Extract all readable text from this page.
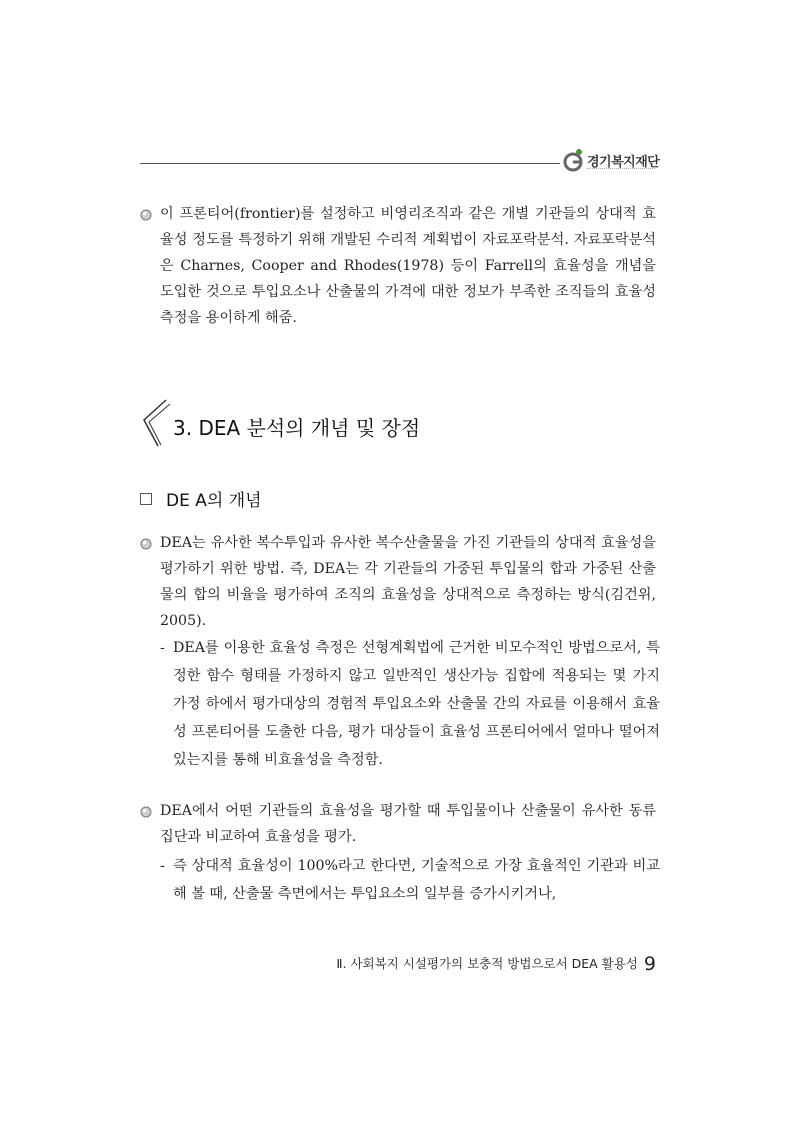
경기복지재단
이 프론티어(frontier)를 설정하고 비영리조직과 같은 개별 기관들의 상대적 효율성 정도를 특정하기 위해 개발된 수리적 계획법이 자료포락분석. 자료포락분석은 Charnes, Cooper and Rhodes(1978) 등이 Farrell의 효율성을 개념을 도입한 것으로 투입요소나 산출물의 가격에 대한 정보가 부족한 조직들의 효율성 측정을 용이하게 해줌.
3. DEA 분석의 개념 및 장점
DE A의 개념
DEA는 유사한 복수투입과 유사한 복수산출물을 가진 기관들의 상대적 효율성을 평가하기 위한 방법. 즉, DEA는 각 기관들의 가중된 투입물의 합과 가중된 산출물의 합의 비율을 평가하여 조직의 효율성을 상대적으로 측정하는 방식(김건위, 2005).
- DEA를 이용한 효율성 측정은 선형계획법에 근거한 비모수적인 방법으로서, 특정한 함수 형태를 가정하지 않고 일반적인 생산가능 집합에 적용되는 몇 가지 가정 하에서 평가대상의 경험적 투입요소와 산출물 간의 자료를 이용해서 효율성 프론티어를 도출한 다음, 평가 대상들이 효율성 프론티어에서 얼마나 떨어져 있는지를 통해 비효율성을 측정함.
DEA에서 어떤 기관들의 효율성을 평가할 때 투입물이나 산출물이 유사한 동류집단과 비교하여 효율성을 평가.
- 즉 상대적 효율성이 100%라고 한다면, 기술적으로 가장 효율적인 기관과 비교해 볼 때, 산출물 측면에서는 투입요소의 일부를 증가시키거나,
Ⅱ. 사회복지 시설평가의 보충적 방법으로서 DEA 활용성 9
